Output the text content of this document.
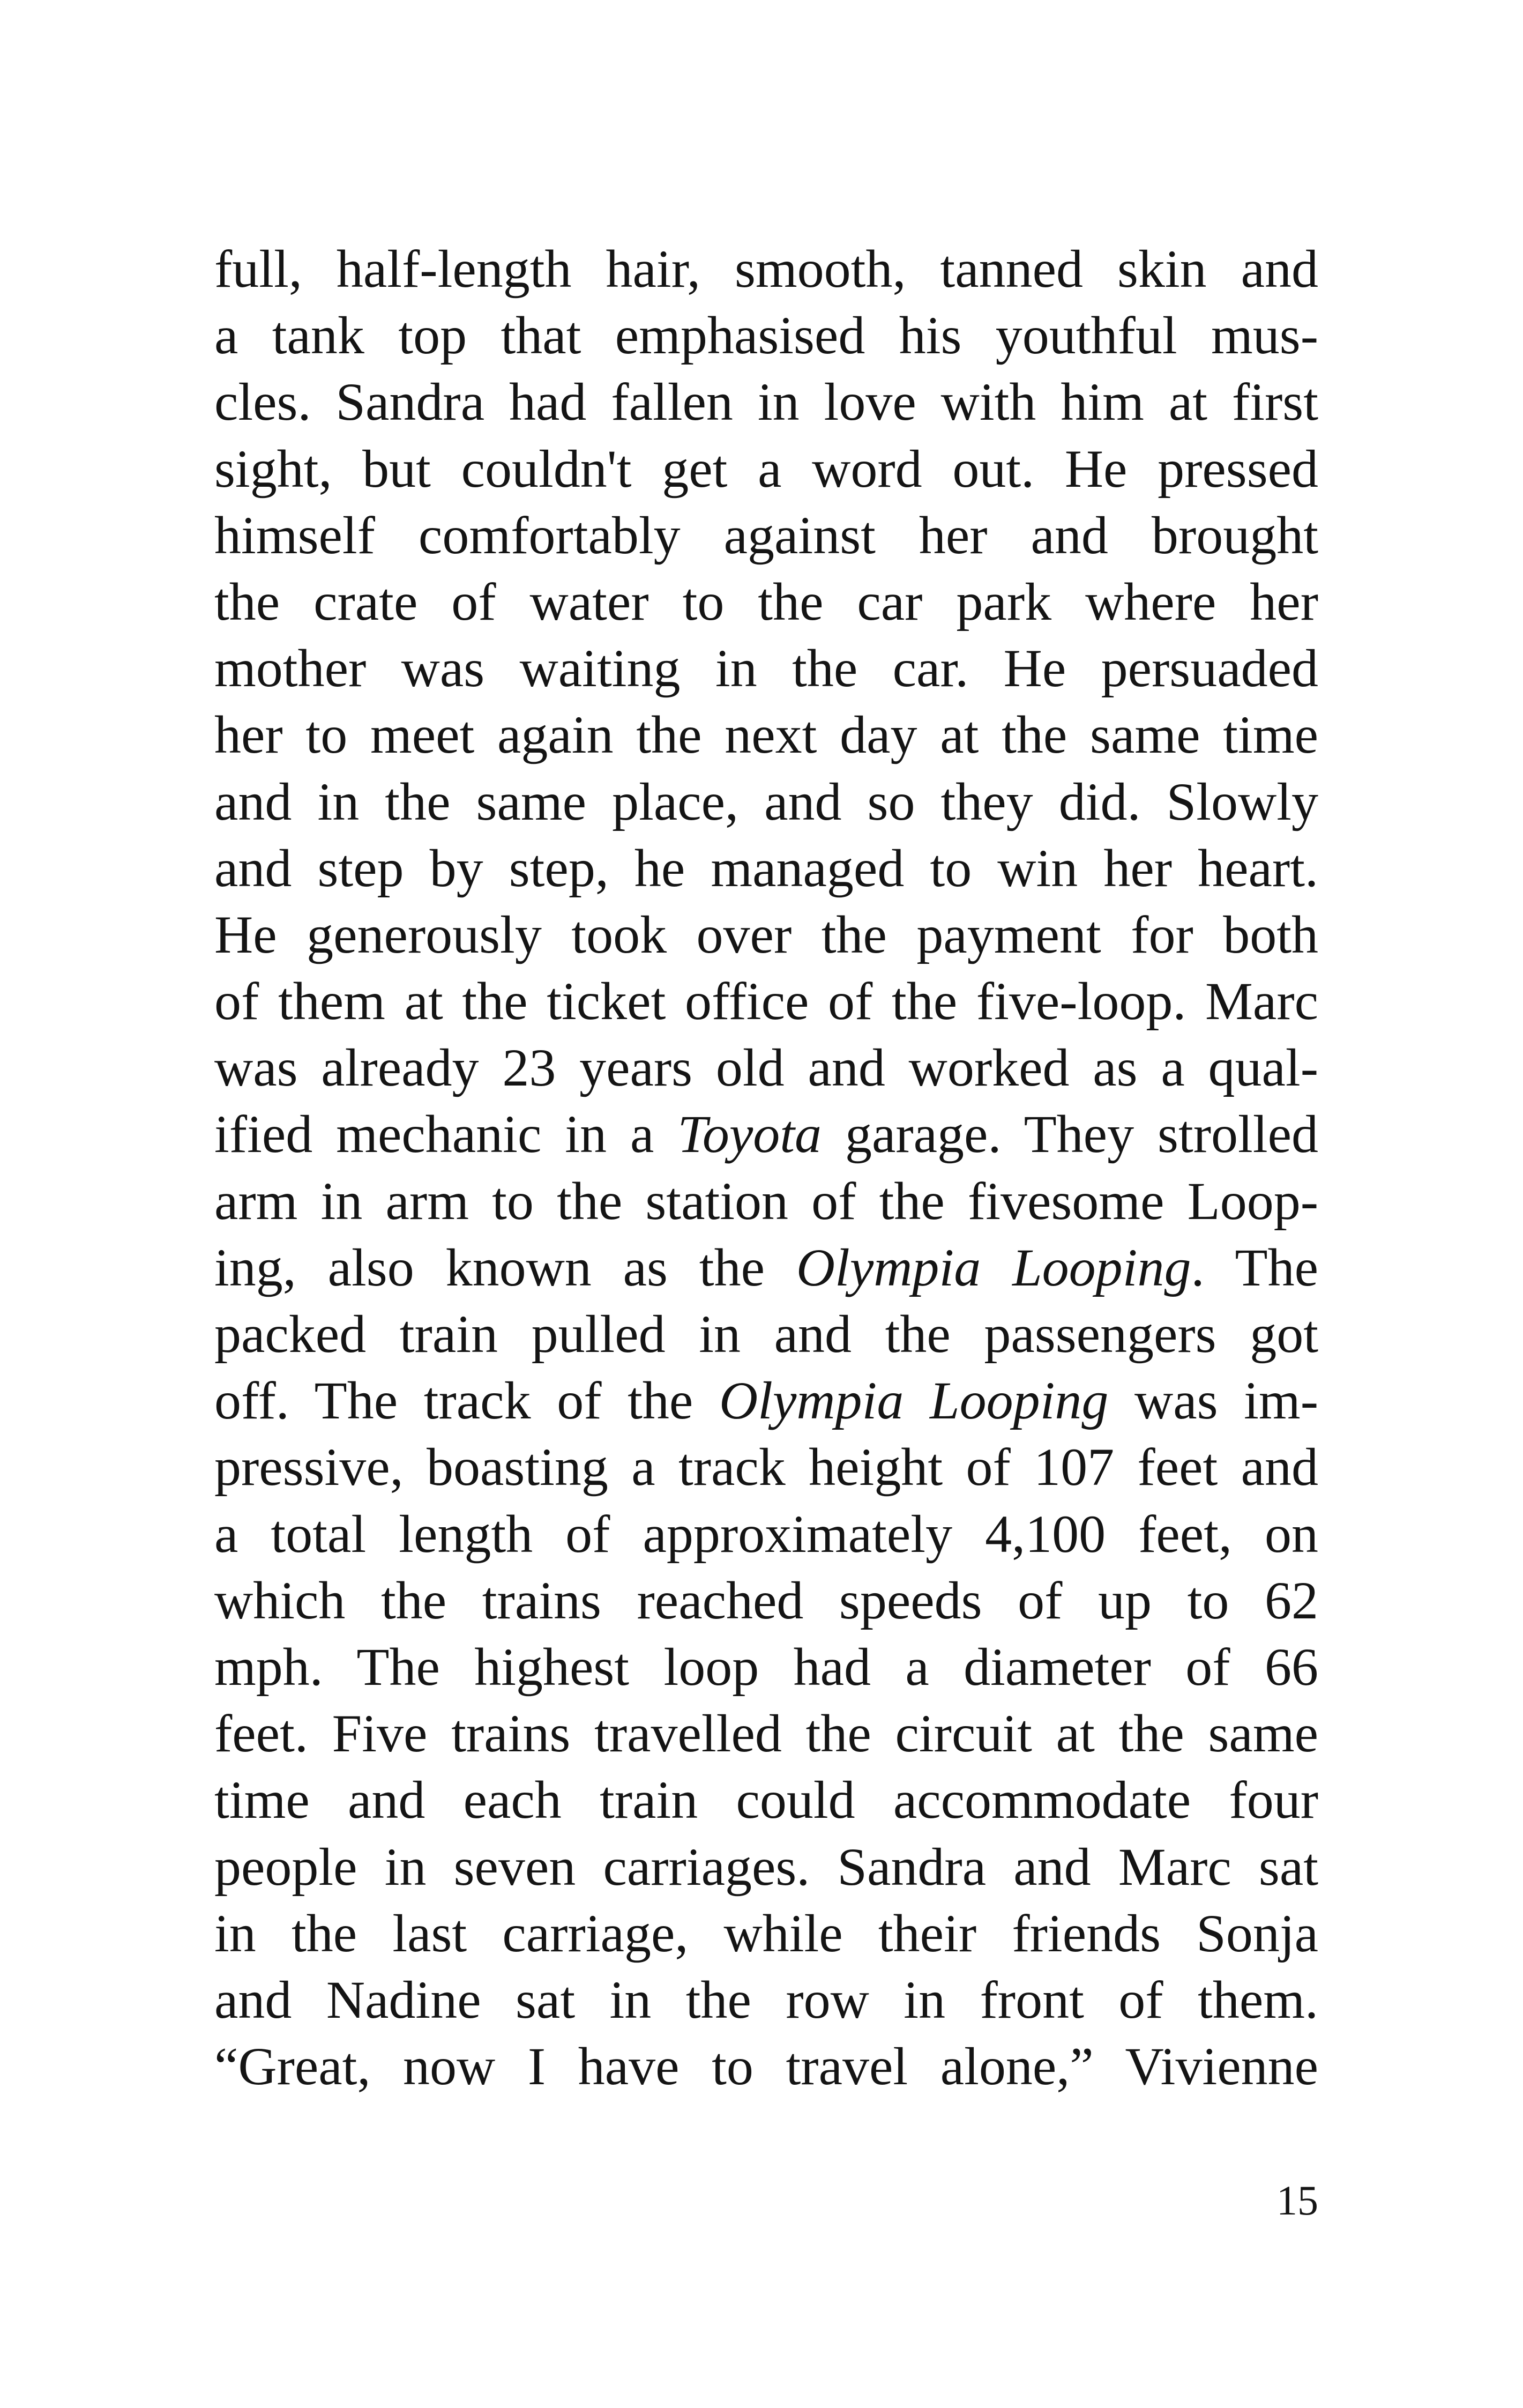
full, half-length hair, smooth, tanned skin and
a tank top that emphasised his youthful mus-
cles. Sandra had fallen in love with him at first
sight, but couldn't get a word out. He pressed
himself comfortably against her and brought
the crate of water to the car park where her
mother was waiting in the car. He persuaded
her to meet again the next day at the same time
and in the same place, and so they did. Slowly
and step by step, he managed to win her heart.
He generously took over the payment for both
of them at the ticket office of the five-loop. Marc
was already 23 years old and worked as a qual-
ified mechanic in a Toyota garage. They strolled
arm in arm to the station of the fivesome Loop-
ing, also known as the Olympia Looping. The
packed train pulled in and the passengers got
off. The track of the Olympia Looping was im-
pressive, boasting a track height of 107 feet and
a total length of approximately 4,100 feet, on
which the trains reached speeds of up to 62
mph. The highest loop had a diameter of 66
feet. Five trains travelled the circuit at the same
time and each train could accommodate four
people in seven carriages. Sandra and Marc sat
in the last carriage, while their friends Sonja
and Nadine sat in the row in front of them.
“Great, now I have to travel alone,” Vivienne
15
